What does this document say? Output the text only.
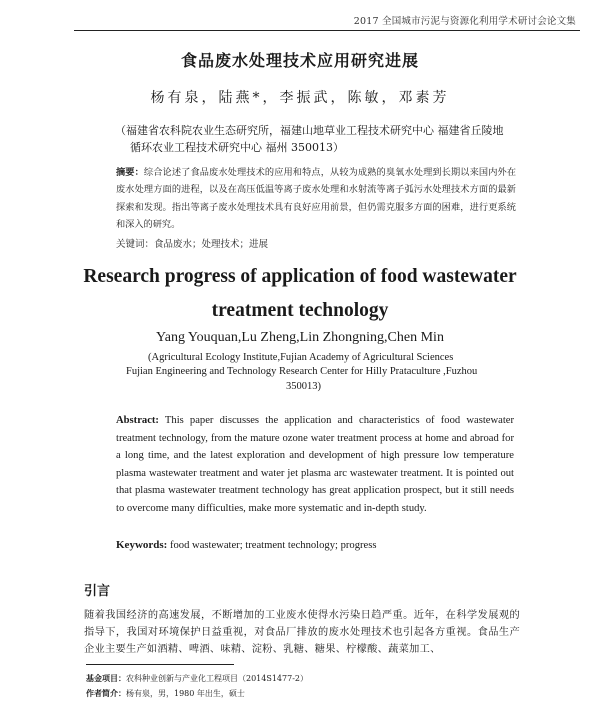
2017 全国城市污泥与资源化利用学术研讨会论文集
食品废水处理技术应用研究进展
杨有泉，陆燕*，李振武，陈敏，邓素芳
（福建省农科院农业生态研究所，福建山地草业工程技术研究中心 福建省丘陵地
循环农业工程技术研究中心 福州 350013）
摘要：综合论述了食品废水处理技术的应用和特点，从较为成熟的臭氧水处理到长期以来国内外在废水处理方面的进程，以及在高压低温等离子废水处理和水射流等离子弧污水处理技术方面的最新探索和发现。指出等离子废水处理技术具有良好应用前景，但仍需克服多方面的困难，进行更系统和深入的研究。
关键词：食品废水；处理技术；进展
Research progress of application of food wastewater
treatment technology
Yang Youquan,Lu Zheng,Lin Zhongning,Chen Min
(Agricultural Ecology Institute,Fujian Academy of Agricultural Sciences
Fujian Engineering and Technology Research Center for Hilly Prataculture ,Fuzhou
350013)
Abstract: This paper discusses the application and characteristics of food wastewater treatment technology, from the mature ozone water treatment process at home and abroad for a long time, and the latest exploration and development of high pressure low temperature plasma wastewater treatment and water jet plasma arc wastewater treatment. It is pointed out that plasma wastewater treatment technology has great application prospect, but it still needs to overcome many difficulties, make more systematic and in-depth study.
Keywords: food wastewater; treatment technology; progress
引言
随着我国经济的高速发展，不断增加的工业废水使得水污染日趋严重。近年，在科学发展观的指导下，我国对环境保护日益重视，对食品厂排放的废水处理技术也引起各方重视。食品生产企业主要生产如酒精、啤酒、味精、淀粉、乳糖、糖果、柠檬酸、蔬菜加工、
基金项目：农科种业创新与产业化工程项目（2014S1477-2）
作者简介：杨有泉，男，1980 年出生，硕士
